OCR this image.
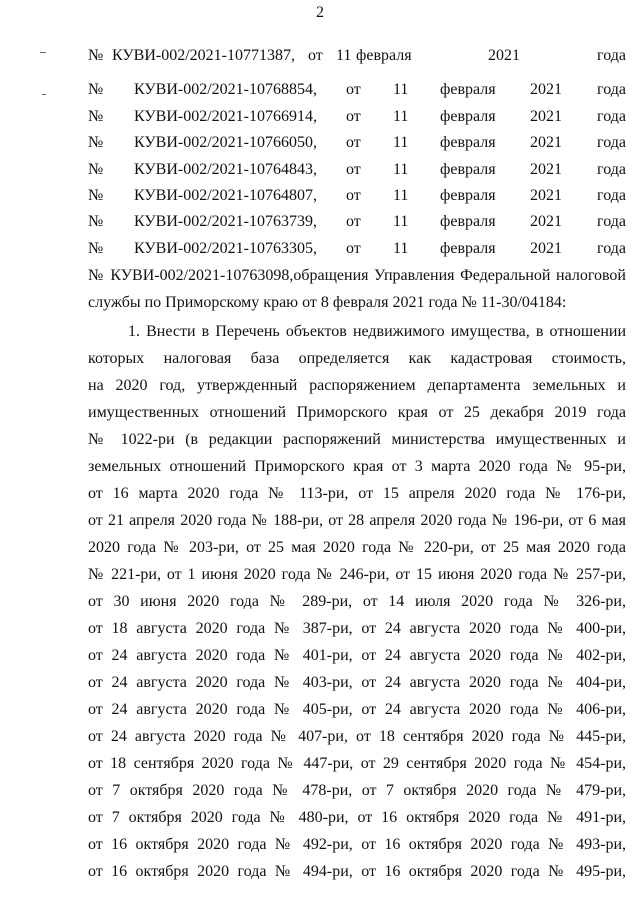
2
№ КУВИ-002/2021-10771387, от 11 февраля	2021	года
№ КУВИ-002/2021-10768854, от 11 февраля 2021 года
№ КУВИ-002/2021-10766914, от 11 февраля 2021 года
№ КУВИ-002/2021-10766050, от 11 февраля 2021 года
№ КУВИ-002/2021-10764843, от 11 февраля 2021 года
№ КУВИ-002/2021-10764807, от 11 февраля 2021 года
№ КУВИ-002/2021-10763739, от 11 февраля 2021 года
№ КУВИ-002/2021-10763305, от 11 февраля 2021 года
№ КУВИ-002/2021-10763098,обращения Управления Федеральной налоговой
службы по Приморскому краю от 8 февраля 2021 года № 11-30/04184:
1. Внести в Перечень объектов недвижимого имущества, в отношении
которых налоговая база определяется как кадастровая стоимость,
на 2020 год, утвержденный распоряжением департамента земельных и
имущественных отношений Приморского края от 25 декабря 2019 года
№ 1022-ри (в редакции распоряжений министерства имущественных и
земельных отношений Приморского края от 3 марта 2020 года № 95-ри,
от 16 марта 2020 года № 113-ри, от 15 апреля 2020 года № 176-ри,
от 21 апреля 2020 года № 188-ри, от 28 апреля 2020 года № 196-ри, от 6 мая
2020 года № 203-ри, от 25 мая 2020 года № 220-ри, от 25 мая 2020 года
№ 221-ри, от 1 июня 2020 года № 246-ри, от 15 июня 2020 года № 257-ри,
от 30 июня 2020 года № 289-ри, от 14 июля 2020 года № 326-ри,
от 18 августа 2020 года № 387-ри, от 24 августа 2020 года № 400-ри,
от 24 августа 2020 года № 401-ри, от 24 августа 2020 года № 402-ри,
от 24 августа 2020 года № 403-ри, от 24 августа 2020 года № 404-ри,
от 24 августа 2020 года № 405-ри, от 24 августа 2020 года № 406-ри,
от 24 августа 2020 года № 407-ри, от 18 сентября 2020 года № 445-ри,
от 18 сентября 2020 года № 447-ри, от 29 сентября 2020 года № 454-ри,
от 7 октября 2020 года № 478-ри, от 7 октября 2020 года № 479-ри,
от 7 октября 2020 года № 480-ри, от 16 октября 2020 года № 491-ри,
от 16 октября 2020 года № 492-ри, от 16 октября 2020 года № 493-ри,
от 16 октября 2020 года № 494-ри, от 16 октября 2020 года № 495-ри,
